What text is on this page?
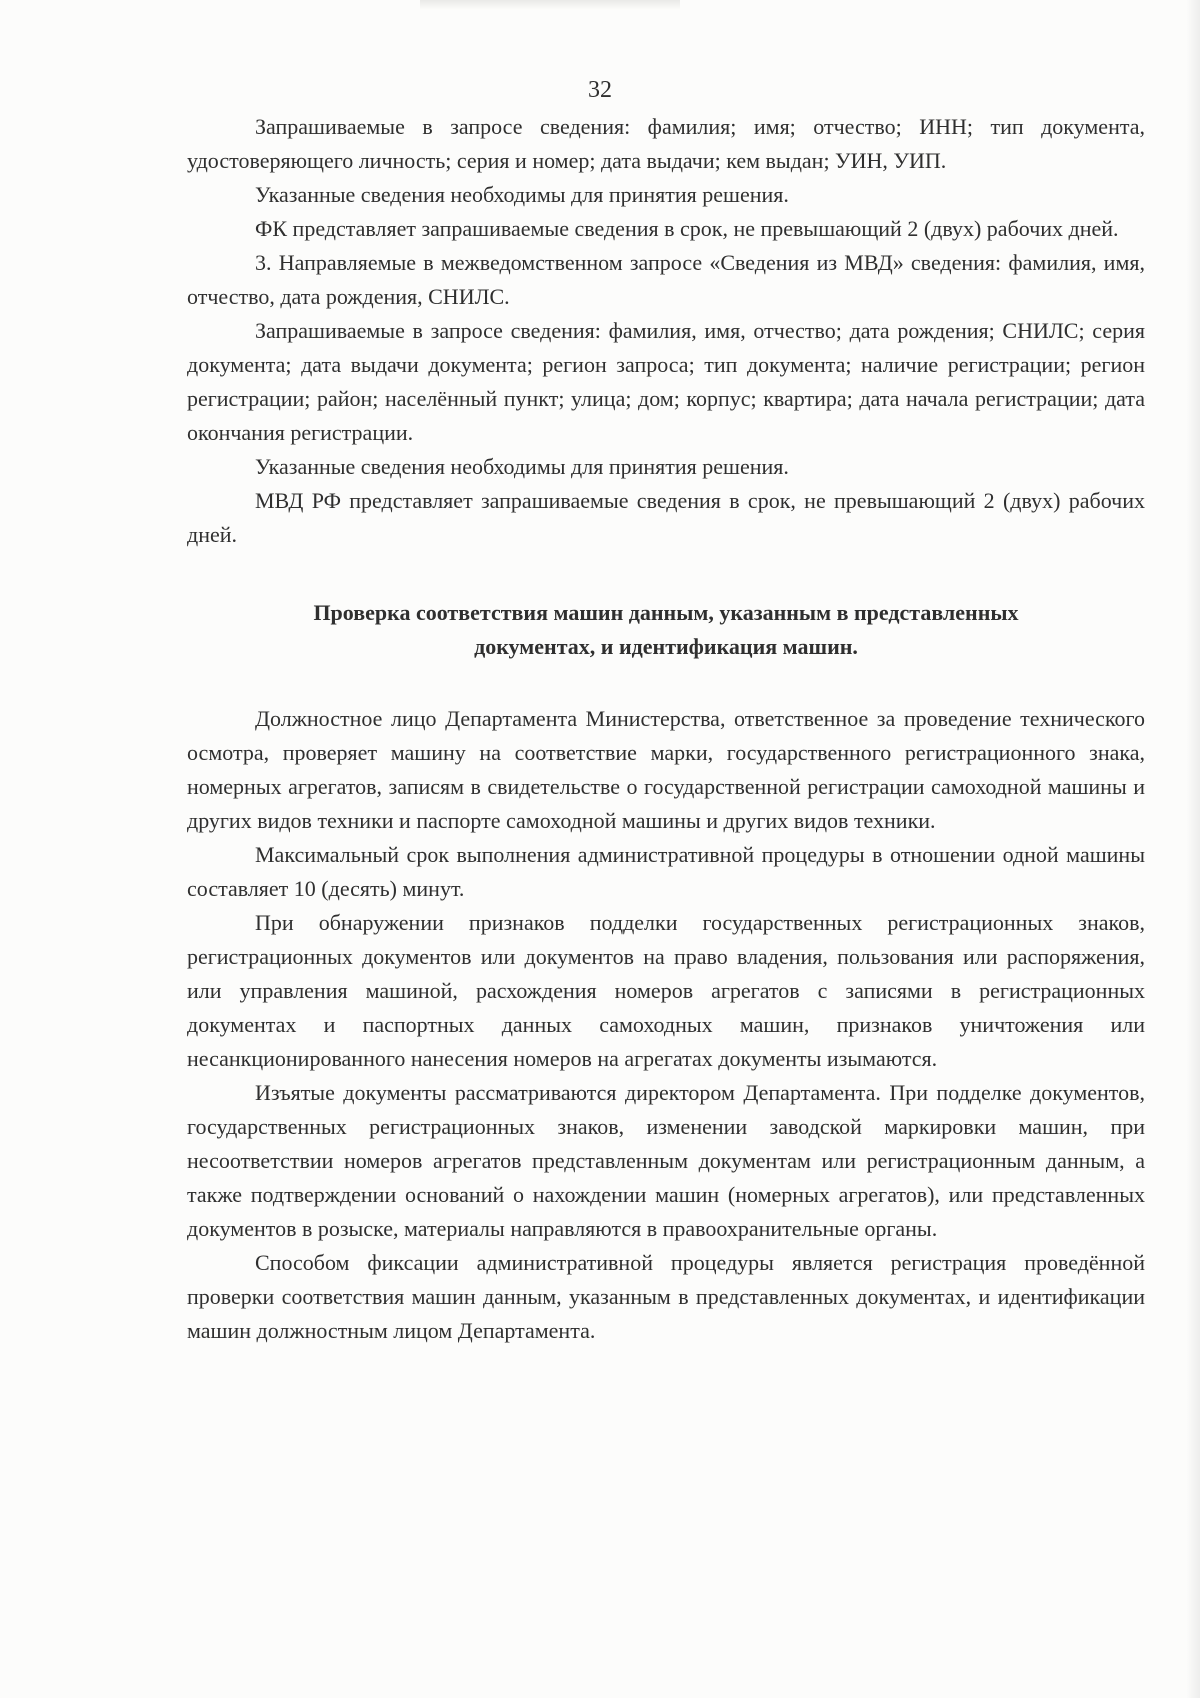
32

Запрашиваемые в запросе сведения: фамилия; имя; отчество; ИНН; тип документа, удостоверяющего личность; серия и номер; дата выдачи; кем выдан; УИН, УИП.

Указанные сведения необходимы для принятия решения.

ФК представляет запрашиваемые сведения в срок, не превышающий 2 (двух) рабочих дней.

3. Направляемые в межведомственном запросе «Сведения из МВД» сведения: фамилия, имя, отчество, дата рождения, СНИЛС.

Запрашиваемые в запросе сведения: фамилия, имя, отчество; дата рождения; СНИЛС; серия документа; дата выдачи документа; регион запроса; тип документа; наличие регистрации; регион регистрации; район; населённый пункт; улица; дом; корпус; квартира; дата начала регистрации; дата окончания регистрации.

Указанные сведения необходимы для принятия решения.

МВД РФ представляет запрашиваемые сведения в срок, не превышающий 2 (двух) рабочих дней.

Проверка соответствия машин данным, указанным в представленных
документах, и идентификация машин.

Должностное лицо Департамента Министерства, ответственное за проведение технического осмотра, проверяет машину на соответствие марки, государственного регистрационного знака, номерных агрегатов, записям в свидетельстве о государственной регистрации самоходной машины и других видов техники и паспорте самоходной машины и других видов техники.

Максимальный срок выполнения административной процедуры в отношении одной машины составляет 10 (десять) минут.

При обнаружении признаков подделки государственных регистрационных знаков, регистрационных документов или документов на право владения, пользования или распоряжения, или управления машиной, расхождения номеров агрегатов с записями в регистрационных документах и паспортных данных самоходных машин, признаков уничтожения или несанкционированного нанесения номеров на агрегатах документы изымаются.

Изъятые документы рассматриваются директором Департамента. При подделке документов, государственных регистрационных знаков, изменении заводской маркировки машин, при несоответствии номеров агрегатов представленным документам или регистрационным данным, а также подтверждении оснований о нахождении машин (номерных агрегатов), или представленных документов в розыске, материалы направляются в правоохранительные органы.

Способом фиксации административной процедуры является регистрация проведённой проверки соответствия машин данным, указанным в представленных документах, и идентификации машин должностным лицом Департамента.
